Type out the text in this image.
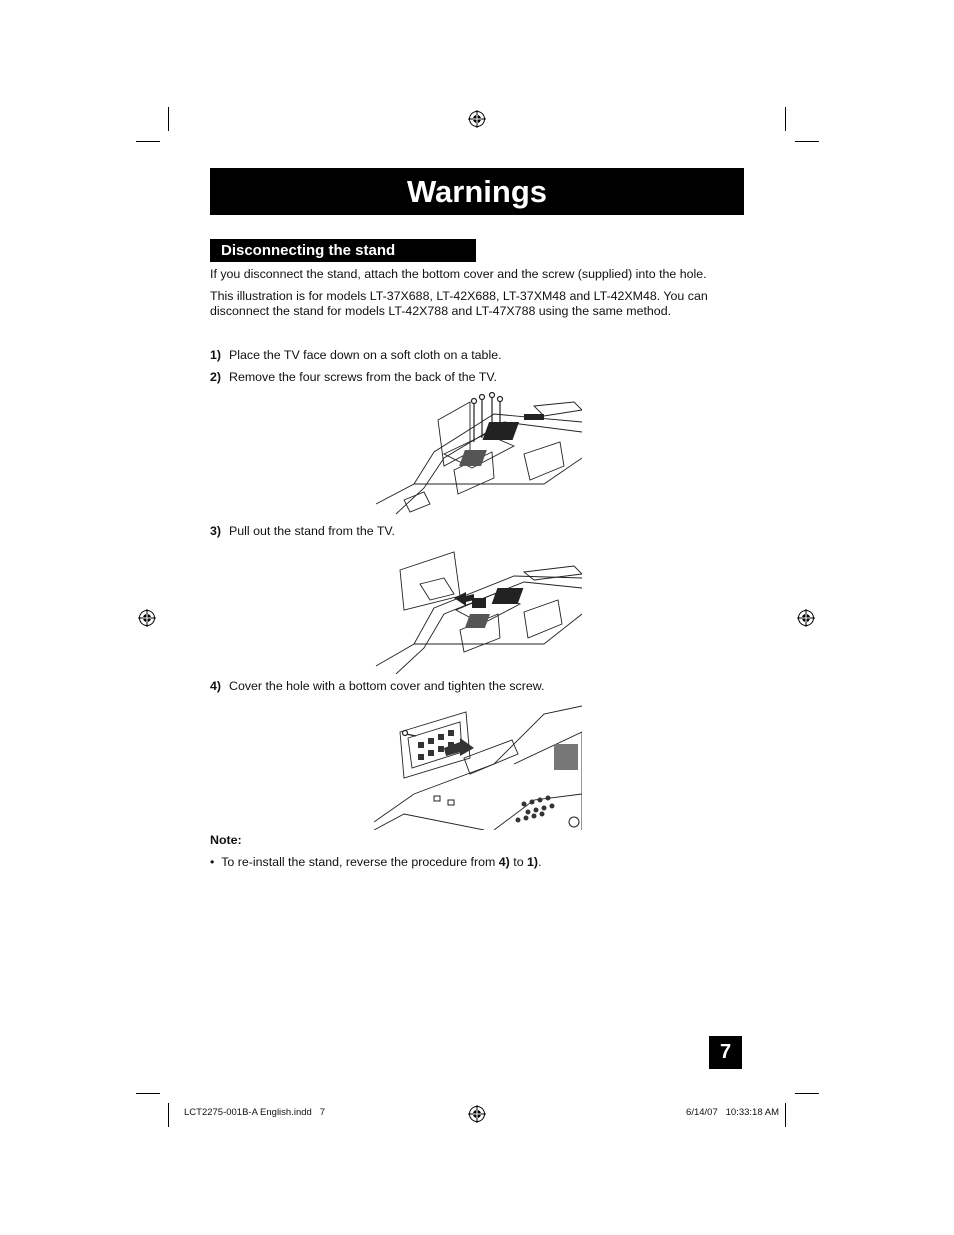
Warnings
Disconnecting the stand
If you disconnect the stand, attach the bottom cover and the screw (supplied) into the hole.
This illustration is for models LT-37X688, LT-42X688, LT-37XM48 and LT-42XM48. You can disconnect the stand for models LT-42X788 and LT-47X788 using the same method.
1) Place the TV face down on a soft cloth on a table.
2) Remove the four screws from the back of the TV.
3) Pull out the stand from the TV.
4) Cover the hole with a bottom cover and tighten the screw.
Note:
•  To re-install the stand, reverse the procedure from 4) to 1).
7
LCT2275-001B-A English.indd   7	6/14/07   10:33:18 AM
